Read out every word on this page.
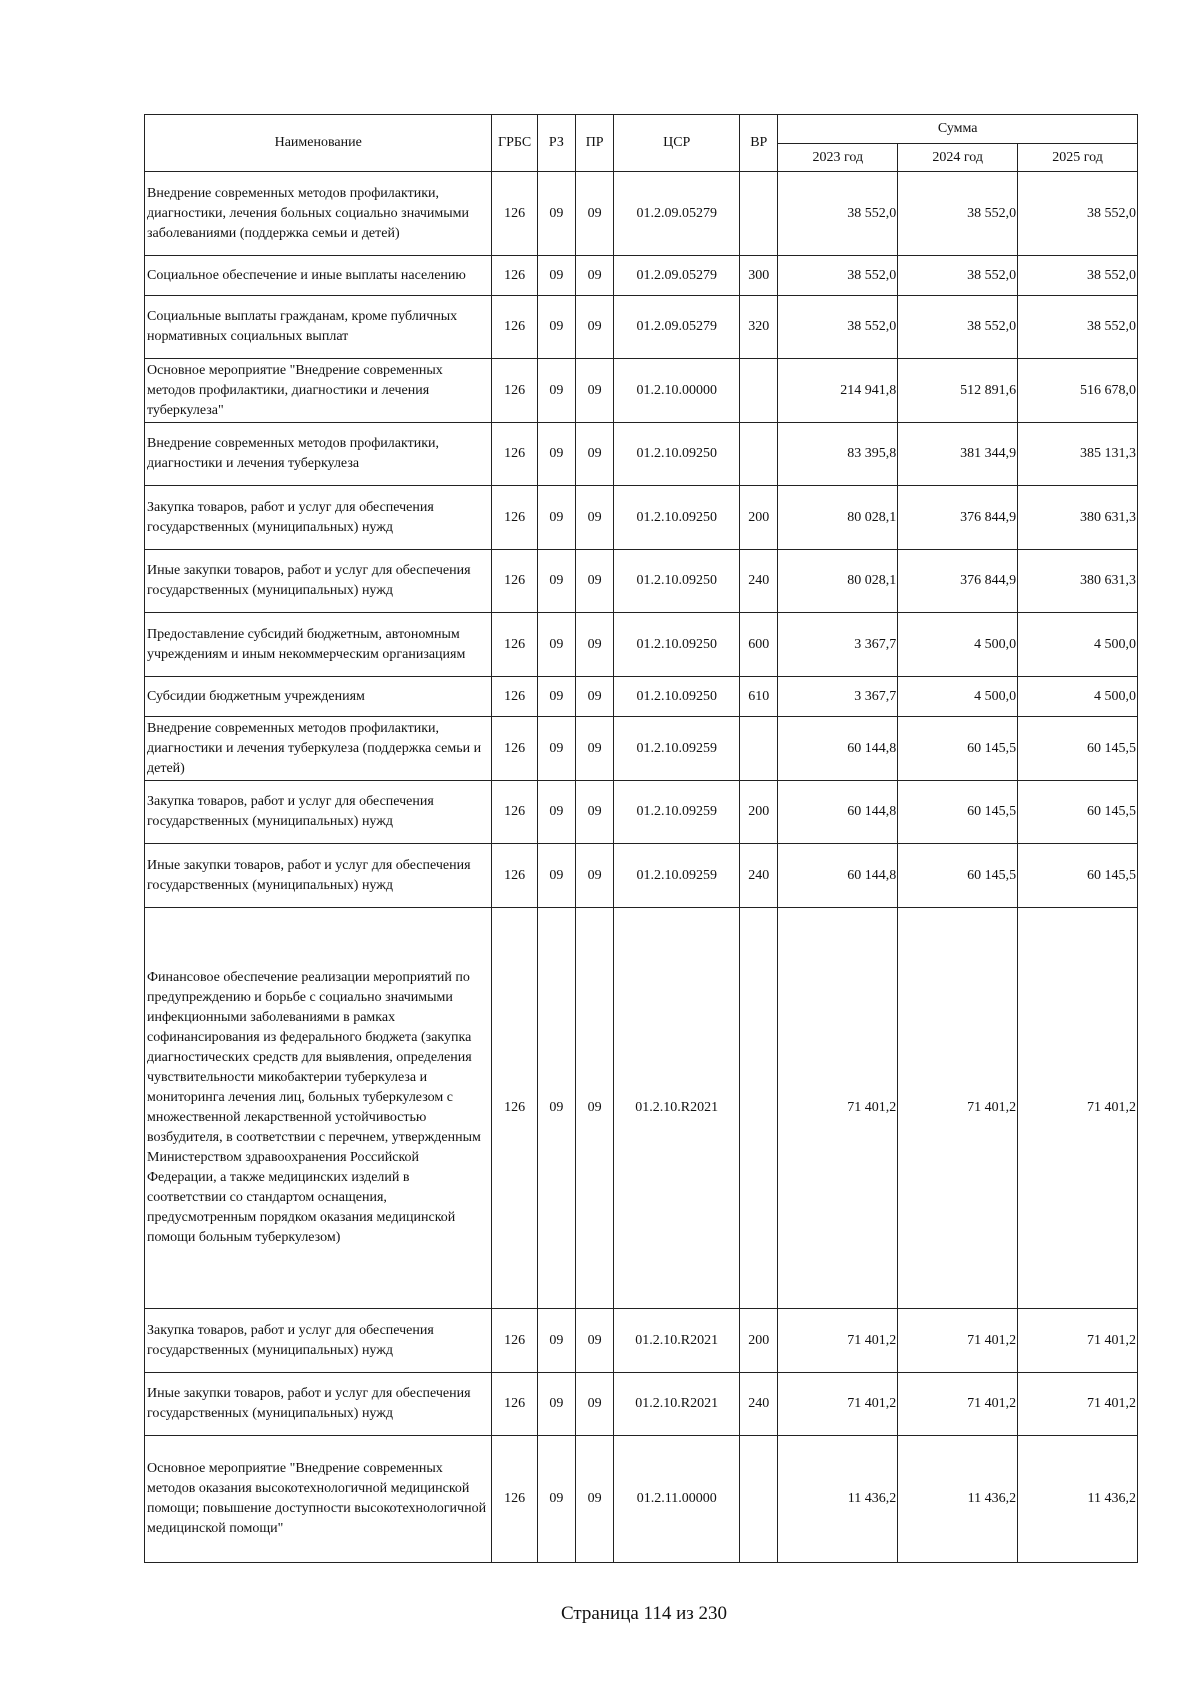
Наименование	ГРБС	РЗ	ПР	ЦСР	ВР	Сумма		
						2023 год	2024 год	2025 год
Внедрение современных методов профилактики, диагностики, лечения больных социально значимыми заболеваниями (поддержка семьи и детей)	126	09	09	01.2.09.05279		38 552,0	38 552,0	38 552,0
Социальное обеспечение и иные выплаты населению	126	09	09	01.2.09.05279	300	38 552,0	38 552,0	38 552,0
Социальные выплаты гражданам, кроме публичных нормативных социальных выплат	126	09	09	01.2.09.05279	320	38 552,0	38 552,0	38 552,0
Основное мероприятие "Внедрение современных методов профилактики, диагностики и лечения туберкулеза"	126	09	09	01.2.10.00000		214 941,8	512 891,6	516 678,0
Внедрение современных методов профилактики, диагностики и лечения туберкулеза	126	09	09	01.2.10.09250		83 395,8	381 344,9	385 131,3
Закупка товаров, работ и услуг для обеспечения государственных (муниципальных) нужд	126	09	09	01.2.10.09250	200	80 028,1	376 844,9	380 631,3
Иные закупки товаров, работ и услуг для обеспечения государственных (муниципальных) нужд	126	09	09	01.2.10.09250	240	80 028,1	376 844,9	380 631,3
Предоставление субсидий бюджетным, автономным учреждениям и иным некоммерческим организациям	126	09	09	01.2.10.09250	600	3 367,7	4 500,0	4 500,0
Субсидии бюджетным учреждениям	126	09	09	01.2.10.09250	610	3 367,7	4 500,0	4 500,0
Внедрение современных методов профилактики, диагностики и лечения туберкулеза (поддержка семьи и детей)	126	09	09	01.2.10.09259		60 144,8	60 145,5	60 145,5
Закупка товаров, работ и услуг для обеспечения государственных (муниципальных) нужд	126	09	09	01.2.10.09259	200	60 144,8	60 145,5	60 145,5
Иные закупки товаров, работ и услуг для обеспечения государственных (муниципальных) нужд	126	09	09	01.2.10.09259	240	60 144,8	60 145,5	60 145,5
Финансовое обеспечение реализации мероприятий по предупреждению и борьбе с социально значимыми инфекционными заболеваниями в рамках софинансирования из федерального бюджета (закупка диагностических средств для выявления, определения чувствительности микобактерии туберкулеза и мониторинга лечения лиц, больных туберкулезом с множественной лекарственной устойчивостью возбудителя, в соответствии с перечнем, утвержденным Министерством здравоохранения Российской Федерации, а также медицинских изделий в соответствии со стандартом оснащения, предусмотренным порядком оказания медицинской помощи больным туберкулезом)	126	09	09	01.2.10.R2021		71 401,2	71 401,2	71 401,2
Закупка товаров, работ и услуг для обеспечения государственных (муниципальных) нужд	126	09	09	01.2.10.R2021	200	71 401,2	71 401,2	71 401,2
Иные закупки товаров, работ и услуг для обеспечения государственных (муниципальных) нужд	126	09	09	01.2.10.R2021	240	71 401,2	71 401,2	71 401,2
Основное мероприятие "Внедрение современных методов оказания высокотехнологичной медицинской помощи; повышение доступности высокотехнологичной медицинской помощи"	126	09	09	01.2.11.00000		11 436,2	11 436,2	11 436,2
Страница 114 из 230
